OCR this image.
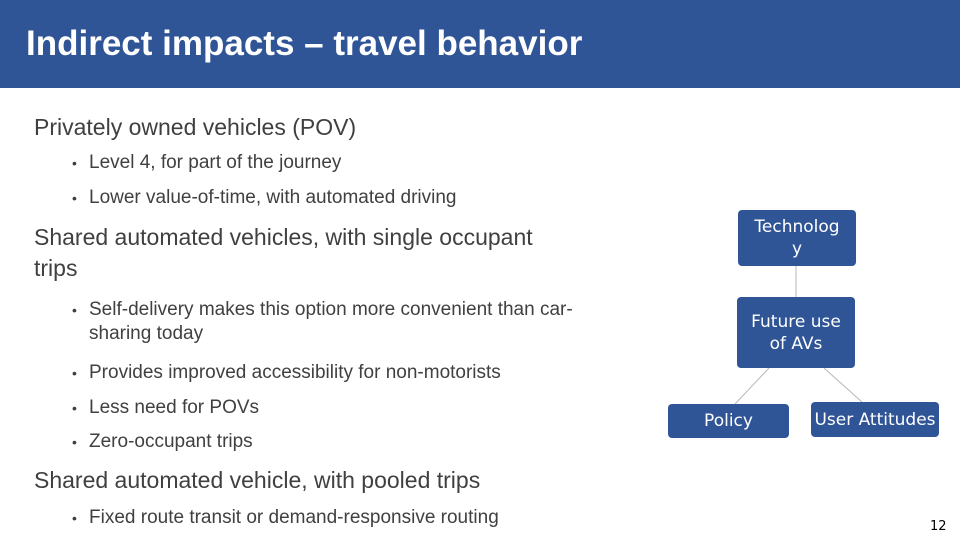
Indirect impacts – travel behavior
Privately owned vehicles (POV)
• Level 4, for part of the journey
• Lower value-of-time, with automated driving
Shared automated vehicles, with single occupant
trips
• Self-delivery makes this option more convenient than car-
sharing today
• Provides improved accessibility for non-motorists
• Less need for POVs
• Zero-occupant trips
Shared automated vehicle, with pooled trips
• Fixed route transit or demand-responsive routing
Technolog
y
Future use
of AVs
Policy	User Attitudes
12
